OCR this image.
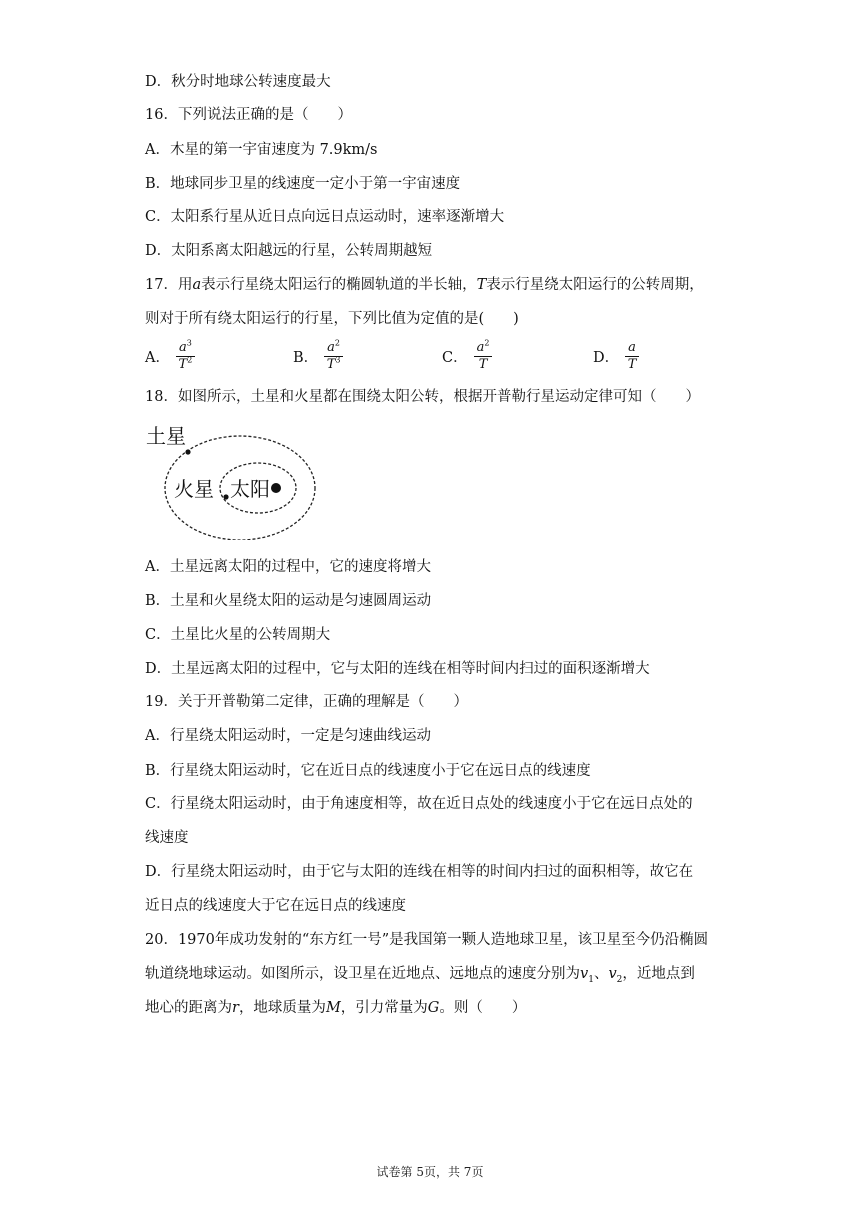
D．秋分时地球公转速度最大
16．下列说法正确的是（　　）
A．木星的第一宇宙速度为 7.9km/s
B．地球同步卫星的线速度一定小于第一宇宙速度
C．太阳系行星从近日点向远日点运动时，速率逐渐增大
D．太阳系离太阳越远的行星，公转周期越短
17．用a表示行星绕太阳运行的椭圆轨道的半长轴，T表示行星绕太阳运行的公转周期，
则对于所有绕太阳运行的行星，下列比值为定值的是(　　)
A． $\frac{a^3}{T^2}$	B． $\frac{a^2}{T^3}$	C． $\frac{a^2}{T}$	D． $\frac{a}{T}$
18．如图所示，土星和火星都在围绕太阳公转，根据开普勒行星运动定律可知（　　）
土星
火星 太阳
A．土星远离太阳的过程中，它的速度将增大
B．土星和火星绕太阳的运动是匀速圆周运动
C．土星比火星的公转周期大
D．土星远离太阳的过程中，它与太阳的连线在相等时间内扫过的面积逐渐增大
19．关于开普勒第二定律，正确的理解是（　　）
A．行星绕太阳运动时，一定是匀速曲线运动
B．行星绕太阳运动时，它在近日点的线速度小于它在远日点的线速度
C．行星绕太阳运动时，由于角速度相等，故在近日点处的线速度小于它在远日点处的
线速度
D．行星绕太阳运动时，由于它与太阳的连线在相等的时间内扫过的面积相等，故它在
近日点的线速度大于它在远日点的线速度
20．1970年成功发射的“东方红一号”是我国第一颗人造地球卫星，该卫星至今仍沿椭圆
轨道绕地球运动。如图所示，设卫星在近地点、远地点的速度分别为$v_1$、$v_2$，近地点到
地心的距离为r，地球质量为M，引力常量为G。则（　　）
试卷第 5页，共 7页
